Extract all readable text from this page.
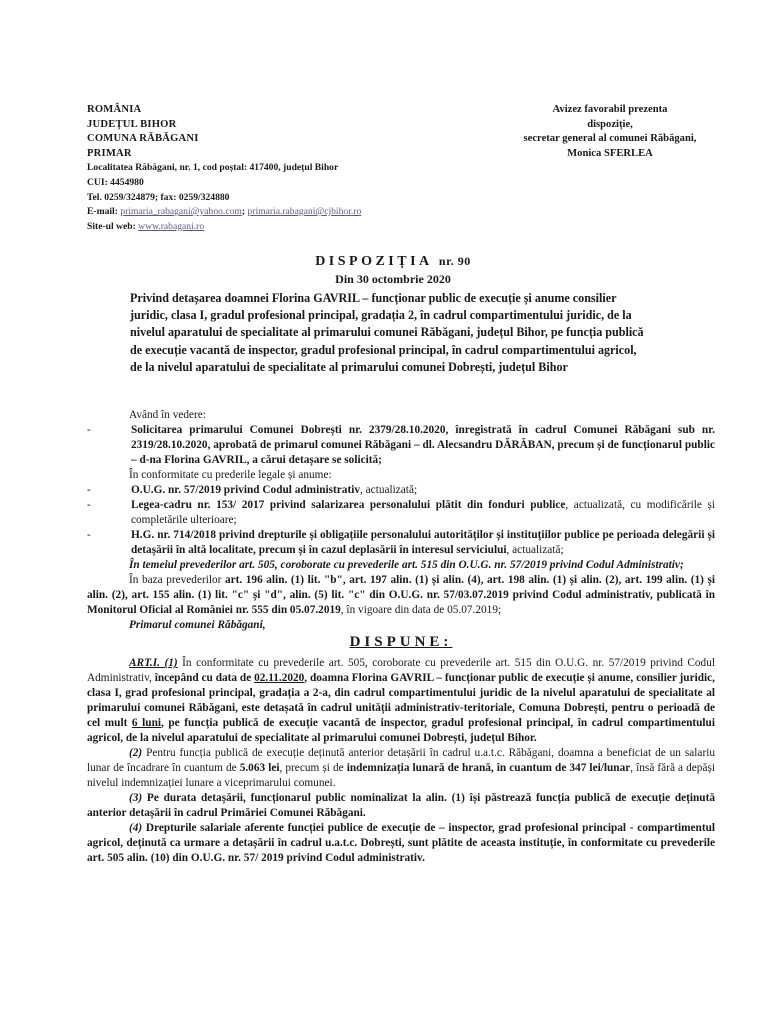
ROMÂNIA
JUDEȚUL BIHOR
COMUNA RĂBĂGANI
PRIMAR
Localitatea Răbăgani, nr. 1, cod poștal: 417400, județul Bihor
CUI: 4454980
Tel. 0259/324879; fax: 0259/324880
E-mail: primaria_rabagani@yahoo.com; primaria.rabagani@cjbihor.ro
Site-ul web: www.rabagani.ro
Avizez favorabil prezenta
dispoziție,
secretar general al comunei Răbăgani,
Monica SFERLEA
DISPOZIȚIA nr. 90
Din 30 octombrie 2020
Privind detașarea doamnei Florina GAVRIL – funcționar public de execuție și anume consilier juridic, clasa I, gradul profesional principal, gradația 2, în cadrul compartimentului juridic, de la nivelul aparatului de specialitate al primarului comunei Răbăgani, județul Bihor, pe funcția publică de execuție vacantă de inspector, gradul profesional principal, în cadrul compartimentului agricol, de la nivelul aparatului de specialitate al primarului comunei Dobrești, județul Bihor

Având în vedere:

-	Solicitarea primarului Comunei Dobrești nr. 2379/28.10.2020, înregistrată în cadrul Comunei Răbăgani sub nr. 2319/28.10.2020, aprobată de primarul comunei Răbăgani – dl. Alecsandru DĂRĂBAN, precum și de funcționarul public – d-na Florina GAVRIL, a cărui detașare se solicită;

În conformitate cu prederile legale și anume:

-	O.U.G. nr. 57/2019 privind Codul administrativ, actualizată;

-	Legea-cadru nr. 153/ 2017 privind salarizarea personalului plătit din fonduri publice, actualizată, cu modificările și completările ulterioare;

-	H.G. nr. 714/2018 privind drepturile și obligațiile personalului autorităților și instituțiilor publice pe perioada delegării și detașării în altă localitate, precum și în cazul deplasării în interesul serviciului, actualizată;

În temeiul prevederilor art. 505, coroborate cu prevederile art. 515 din O.U.G. nr. 57/2019 privind Codul Administrativ;

În baza prevederilor art. 196 alin. (1) lit. "b", art. 197 alin. (1) și alin. (4), art. 198 alin. (1) și alin. (2), art. 199 alin. (1) și alin. (2), art. 155 alin. (1) lit. "c" și "d", alin. (5) lit. "c" din O.U.G. nr. 57/03.07.2019 privind Codul administrativ, publicată în Monitorul Oficial al României nr. 555 din 05.07.2019, în vigoare din data de 05.07.2019;

Primarul comunei Răbăgani,

DISPUNE:

ART.I. (1) În conformitate cu prevederile art. 505, coroborate cu prevederile art. 515 din O.U.G. nr. 57/2019 privind Codul Administrativ, începând cu data de 02.11.2020, doamna Florina GAVRIL – funcționar public de execuție și anume, consilier juridic, clasa I, grad profesional principal, gradația a 2-a, din cadrul compartimentului juridic de la nivelul aparatului de specialitate al primarului comunei Răbăgani, este detașată în cadrul unității administrativ-teritoriale, Comuna Dobrești, pentru o perioadă de cel mult 6 luni, pe funcția publică de execuție vacantă de inspector, gradul profesional principal, în cadrul compartimentului agricol, de la nivelul aparatului de specialitate al primarului comunei Dobrești, județul Bihor.

(2) Pentru funcția publică de execuție deținută anterior detașării în cadrul u.a.t.c. Răbăgani, doamna a beneficiat de un salariu lunar de încadrare în cuantum de 5.063 lei, precum și de indemnizația lunară de hrană, în cuantum de 347 lei/lunar, însă fără a depăși nivelul indemnizației lunare a viceprimarului comunei.

(3) Pe durata detașării, funcționarul public nominalizat la alin. (1) își păstrează funcția publică de execuție deținută anterior detașării în cadrul Primăriei Comunei Răbăgani.

(4) Drepturile salariale aferente funcției publice de execuție de – inspector, grad profesional principal - compartimentul agricol, deținută ca urmare a detașării în cadrul u.a.t.c. Dobrești, sunt plătite de aceasta instituție, în conformitate cu prevederile art. 505 alin. (10) din O.U.G. nr. 57/ 2019 privind Codul administrativ.
